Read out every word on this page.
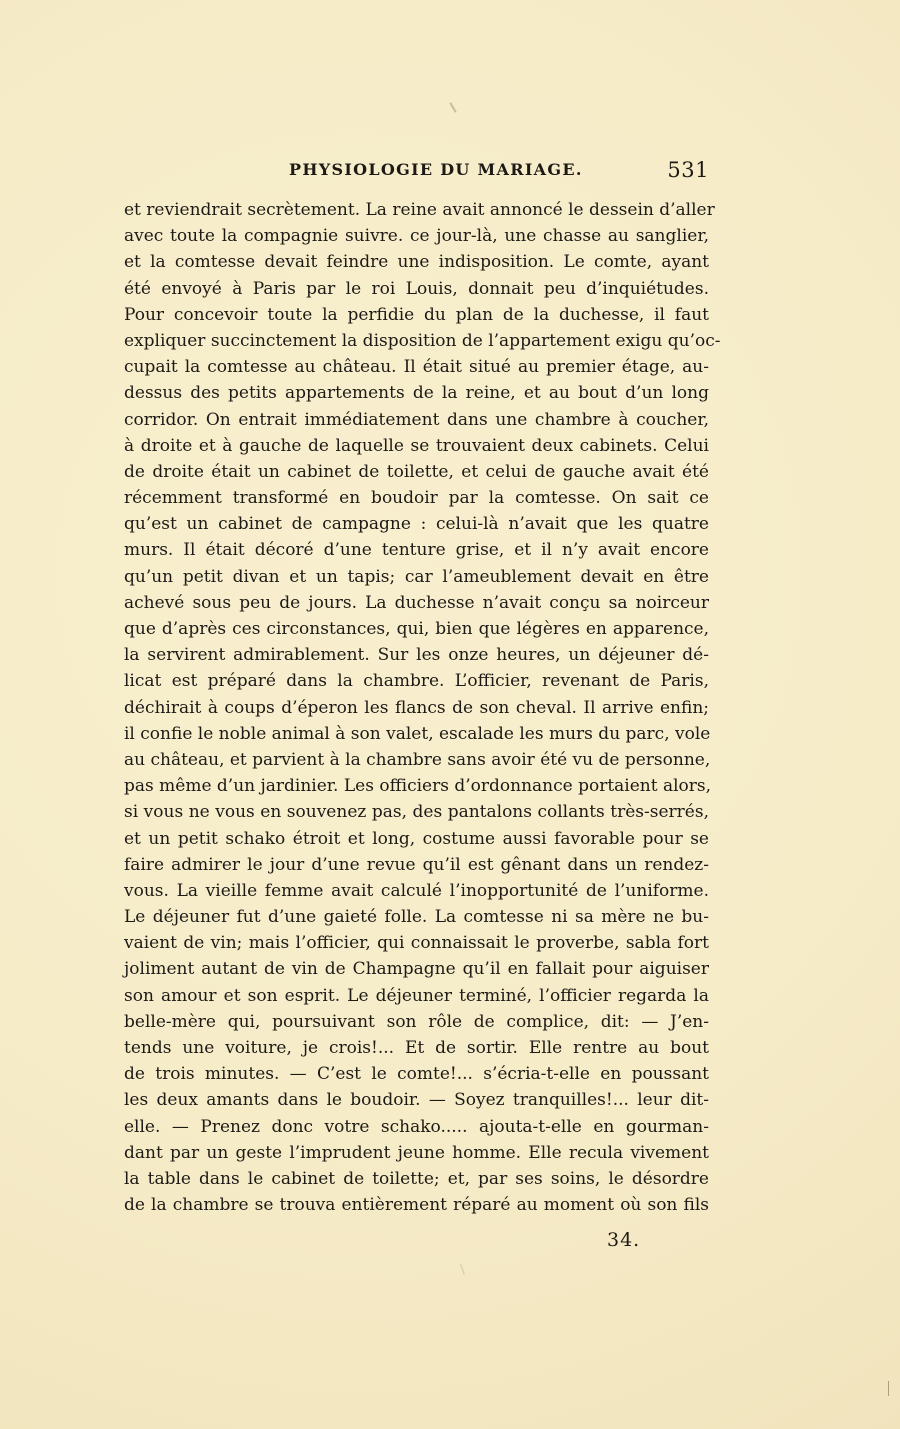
PHYSIOLOGIE DU MARIAGE.	531
et reviendrait secrètement. La reine avait annoncé le dessein d’aller
avec toute la compagnie suivre. ce jour-là, une chasse au sanglier,
et la comtesse devait feindre une indisposition. Le comte, ayant
été envoyé à Paris par le roi Louis, donnait peu d’inquiétudes.
Pour concevoir toute la perfidie du plan de la duchesse, il faut
expliquer succinctement la disposition de l’appartement exigu qu’oc-
cupait la comtesse au château. Il était situé au premier étage, au-
dessus des petits appartements de la reine, et au bout d’un long
corridor. On entrait immédiatement dans une chambre à coucher,
à droite et à gauche de laquelle se trouvaient deux cabinets. Celui
de droite était un cabinet de toilette, et celui de gauche avait été
récemment transformé en boudoir par la comtesse. On sait ce
qu’est un cabinet de campagne : celui-là n’avait que les quatre
murs. Il était décoré d’une tenture grise, et il n’y avait encore
qu’un petit divan et un tapis; car l’ameublement devait en être
achevé sous peu de jours. La duchesse n’avait conçu sa noirceur
que d’après ces circonstances, qui, bien que légères en apparence,
la servirent admirablement. Sur les onze heures, un déjeuner dé-
licat est préparé dans la chambre. L’officier, revenant de Paris,
déchirait à coups d’éperon les flancs de son cheval. Il arrive enfin;
il confie le noble animal à son valet, escalade les murs du parc, vole
au château, et parvient à la chambre sans avoir été vu de personne,
pas même d’un jardinier. Les officiers d’ordonnance portaient alors,
si vous ne vous en souvenez pas, des pantalons collants très-serrés,
et un petit schako étroit et long, costume aussi favorable pour se
faire admirer le jour d’une revue qu’il est gênant dans un rendez-
vous. La vieille femme avait calculé l’inopportunité de l’uniforme.
Le déjeuner fut d’une gaieté folle. La comtesse ni sa mère ne bu-
vaient de vin; mais l’officier, qui connaissait le proverbe, sabla fort
joliment autant de vin de Champagne qu’il en fallait pour aiguiser
son amour et son esprit. Le déjeuner terminé, l’officier regarda la
belle-mère qui, poursuivant son rôle de complice, dit: — J’en-
tends une voiture, je crois!... Et de sortir. Elle rentre au bout
de trois minutes. — C’est le comte!... s’écria-t-elle en poussant
les deux amants dans le boudoir. — Soyez tranquilles!... leur dit-
elle. — Prenez donc votre schako..... ajouta-t-elle en gourman-
dant par un geste l’imprudent jeune homme. Elle recula vivement
la table dans le cabinet de toilette; et, par ses soins, le désordre
de la chambre se trouva entièrement réparé au moment où son fils
34.
